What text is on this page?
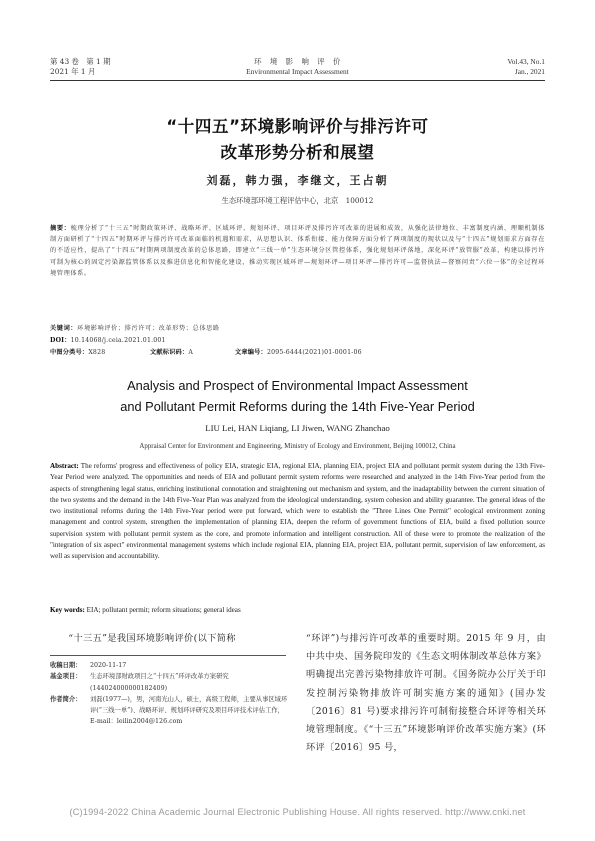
第 43 卷　第 1 期
2021 年 1 月
环　境　影　响　评　价
Environmental Impact Assessment
Vol.43, No.1
Jan., 2021
“十四五”环境影响评价与排污许可
改革形势分析和展望
刘磊，韩力强，李继文，王占朝
生态环境部环境工程评估中心，北京　100012
摘要：梳理分析了“十三五”时期政策环评、战略环评、区域环评、规划环评、项目环评及排污许可改革的进展和成效，从强化法律地位、丰富制度内涵、理顺机制体制方面研析了“十四五”时期环评与排污许可改革面临的机遇和需求，从思想认识、体系衔接、能力保障方面分析了两项制度的现状以及与“十四五”规划需求方面存在的不适应性，提出了“十四五”时期两项制度改革的总体思路，即建立“三线一单”生态环境分区管控体系，强化规划环评落地，深化环评“放管服”改革，构建以排污许可制为核心的固定污染源监管体系以及推进信息化和智能化建设，推动实现区域环评—规划环评—项目环评—排污许可—监督执法—督察问责“六位一体”的全过程环境管理体系。
关键词：环境影响评价；排污许可；改革形势；总体思路
DOI：10.14068/j.ceia.2021.01.001
中图分类号：X828	文献标识码：A	文章编号：2095-6444(2021)01-0001-06
Analysis and Prospect of Environmental Impact Assessment
and Pollutant Permit Reforms during the 14th Five-Year Period
LIU Lei, HAN Liqiang, LI Jiwen, WANG Zhanchao
Appraisal Center for Environment and Engineering, Ministry of Ecology and Environment, Beijing 100012, China
Abstract: The reforms' progress and effectiveness of policy EIA, strategic EIA, regional EIA, planning EIA, project EIA and pollutant permit system during the 13th Five-Year Period were analyzed. The opportunities and needs of EIA and pollutant permit system reforms were researched and analyzed in the 14th Five-Year period from the aspects of strengthening legal status, enriching institutional connotation and straightening out mechanism and system, and the inadaptability between the current situation of the two systems and the demand in the 14th Five-Year Plan was analyzed from the ideological understanding, system cohesion and ability guarantee. The general ideas of the two institutional reforms during the 14th Five-Year period were put forward, which were to establish the "Three Lines One Permit" ecological environment zoning management and control system, strengthen the implementation of planning EIA, deepen the reform of government functions of EIA, build a fixed pollution source supervision system with pollutant permit system as the core, and promote information and intelligent construction. All of these were to promote the realization of the "integration of six aspect" environmental management systems which include regional EIA, planning EIA, project EIA, pollutant permit, supervision of law enforcement, as well as supervision and accountability.
Key words: EIA; pollutant permit; reform situations; general ideas
“十三五”是我国环境影响评价(以下简称
收稿日期：	2020-11-17
基金项目：	生态环境部财政项目之“十四五”环评改革方案研究(144024000000182409)
作者简介：	刘磊(1977—)，男，河南光山人，硕士，高级工程师，主要从事区域环评(“三线一单”)、战略环评、规划环评研究及项目环评技术评估工作，E-mail：leilin2004@126.com
“环评”)与排污许可改革的重要时期。2015 年 9 月，由中共中央、国务院印发的《生态文明体制改革总体方案》明确提出完善污染物排放许可制。《国务院办公厅关于印发控制污染物排放许可制实施方案的通知》(国办发〔2016〕81 号)要求排污许可制衔接整合环评等相关环境管理制度。《“十三五”环境影响评价改革实施方案》(环环评〔2016〕95 号，
(C)1994-2022 China Academic Journal Electronic Publishing House. All rights reserved. http://www.cnki.net
